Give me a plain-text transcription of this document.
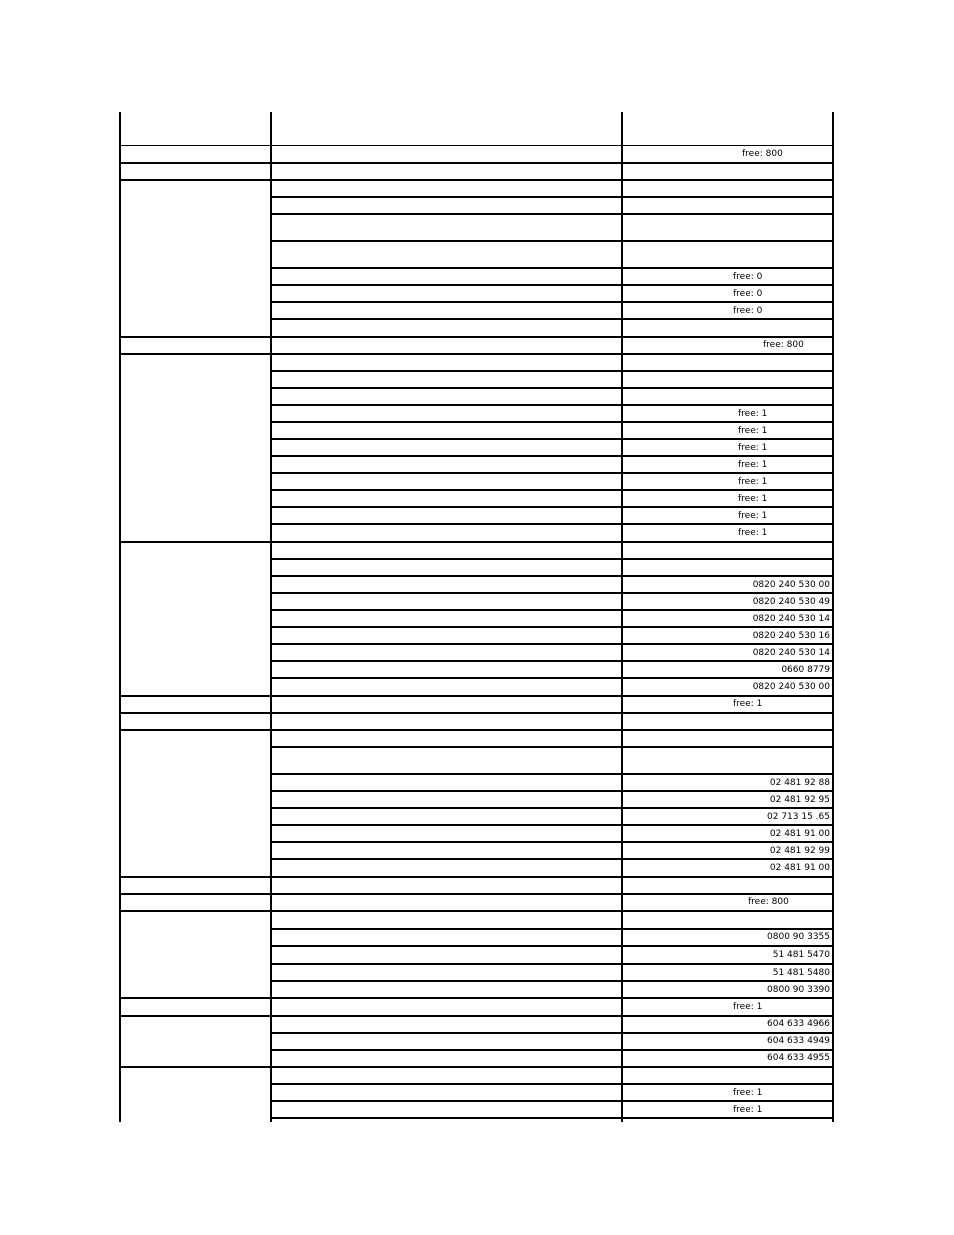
free: 800
free: 0
free: 0
free: 0
free: 800
free: 1
free: 1
free: 1
free: 1
free: 1
free: 1
free: 1
free: 1
0820 240 530 00
0820 240 530 49
0820 240 530 14
0820 240 530 16
0820 240 530 14
0660 8779
0820 240 530 00
free: 1
02 481 92 88
02 481 92 95
02 713 15 .65
02 481 91 00
02 481 92 99
02 481 91 00
free: 800
0800 90 3355
51 481 5470
51 481 5480
0800 90 3390
free: 1
604 633 4966
604 633 4949
604 633 4955
free: 1
free: 1
